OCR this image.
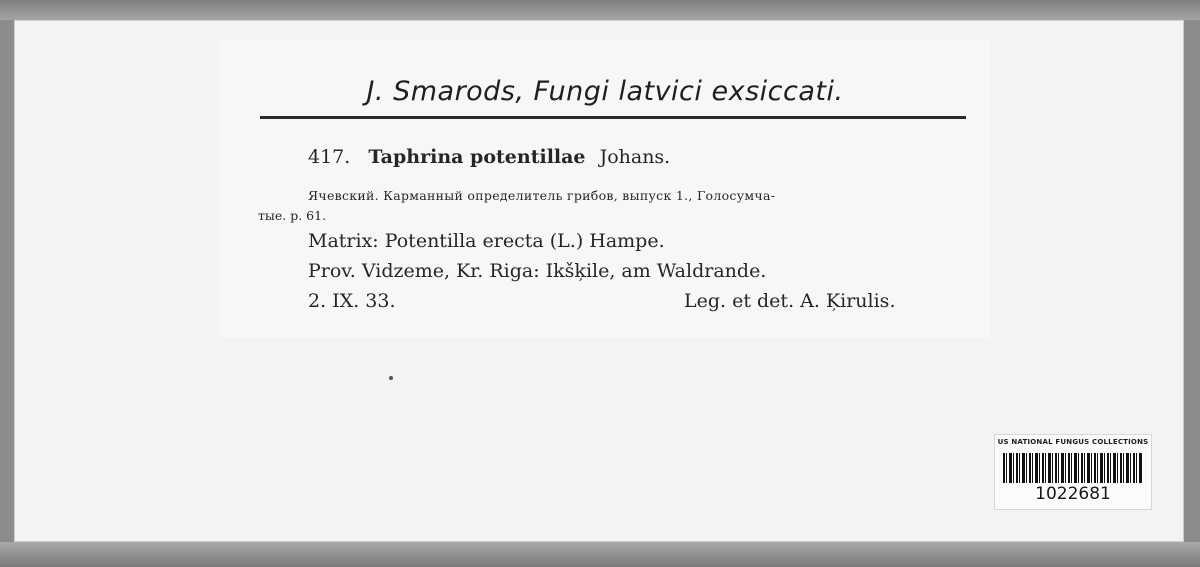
J. Smarods, Fungi latvici exsiccati.
417. Taphrina potentillae Johans.
Ячевский. Карманный определитель грибов, выпуск 1., Голосумча-
тые. р. 61.
Matrix: Potentilla erecta (L.) Hampe.
Prov. Vidzeme, Kr. Riga: Ikšķile, am Waldrande.
2. IX. 33.	Leg. et det. A. Ķirulis.
US NATIONAL FUNGUS COLLECTIONS
1022681
